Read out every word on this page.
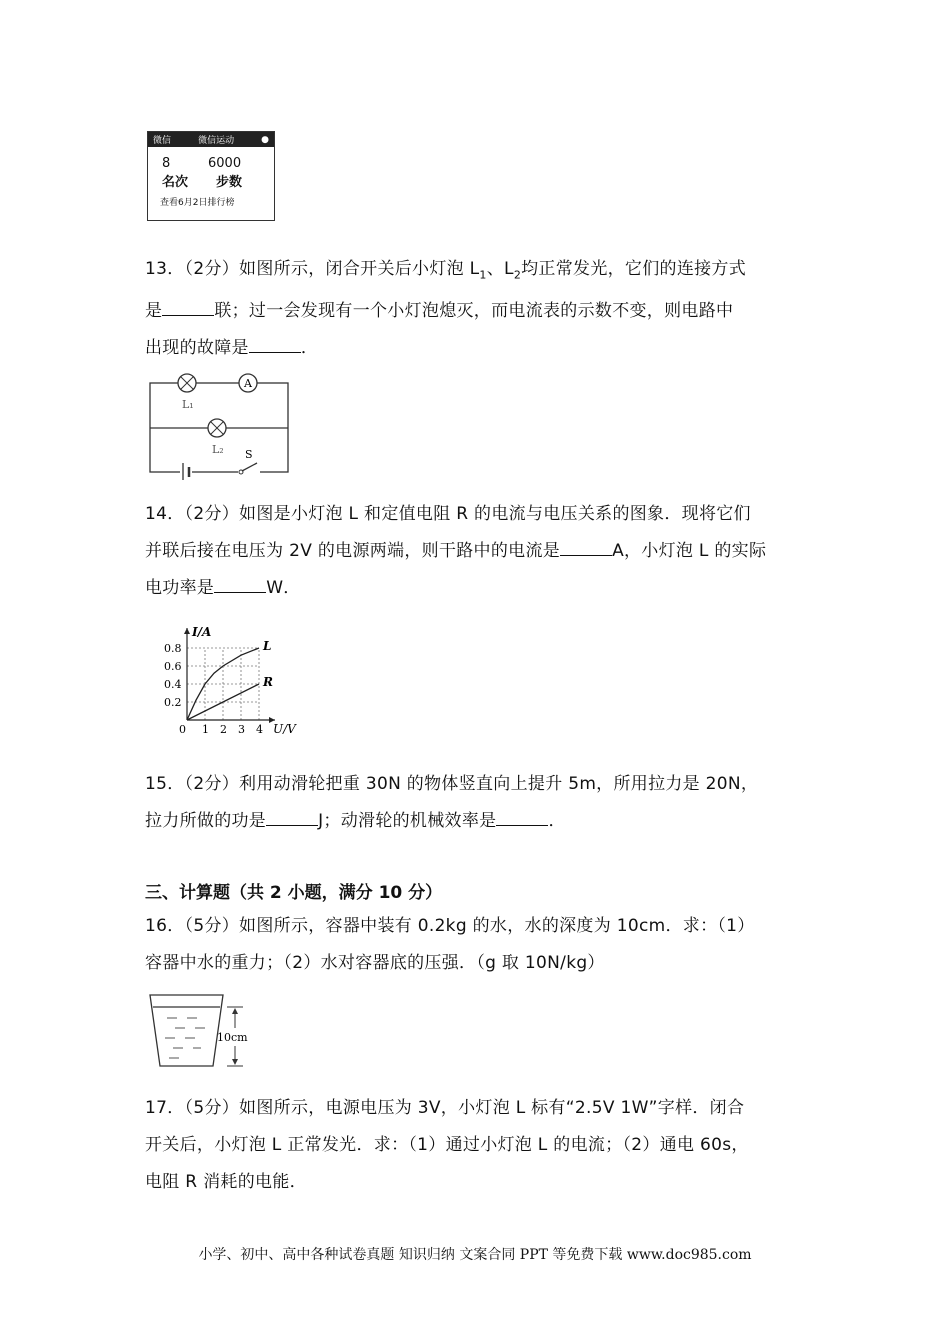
微信	微信运动	●
8	6000
名次	步数
查看6月2日排行榜

13．（2分）如图所示，闭合开关后小灯泡 $L_1$、$L_2$均正常发光，它们的连接方式

是	联；过一会发现有一个小灯泡熄灭，而电流表的示数不变，则电路中

出现的故障是	．

A
L₁
L₂ S

14．（2分）如图是小灯泡 L 和定值电阻 R 的电流与电压关系的图象．现将它们

并联后接在电压为 2V 的电源两端，则干路中的电流是	A，小灯泡 L 的实际

电功率是	W．

0 1 2 3 4
0.2
0.4
0.6
0.8
U/V
I/A
L
R

15．（2分）利用动滑轮把重 30N 的物体竖直向上提升 5m，所用拉力是 20N，

拉力所做的功是	J；动滑轮的机械效率是	．

三、计算题（共 2 小题，满分 10 分）

16．（5分）如图所示，容器中装有 0.2kg 的水，水的深度为 10cm．求：（1）

容器中水的重力；（2）水对容器底的压强．（g 取 10N/kg）

10cm

17．（5分）如图所示，电源电压为 3V，小灯泡 L 标有“2.5V 1W”字样．闭合

开关后，小灯泡 L 正常发光．求：（1）通过小灯泡 L 的电流；（2）通电 60s，

电阻 R 消耗的电能．

小学、初中、高中各种试卷真题 知识归纳 文案合同 PPT 等免费下载 www.doc985.com
